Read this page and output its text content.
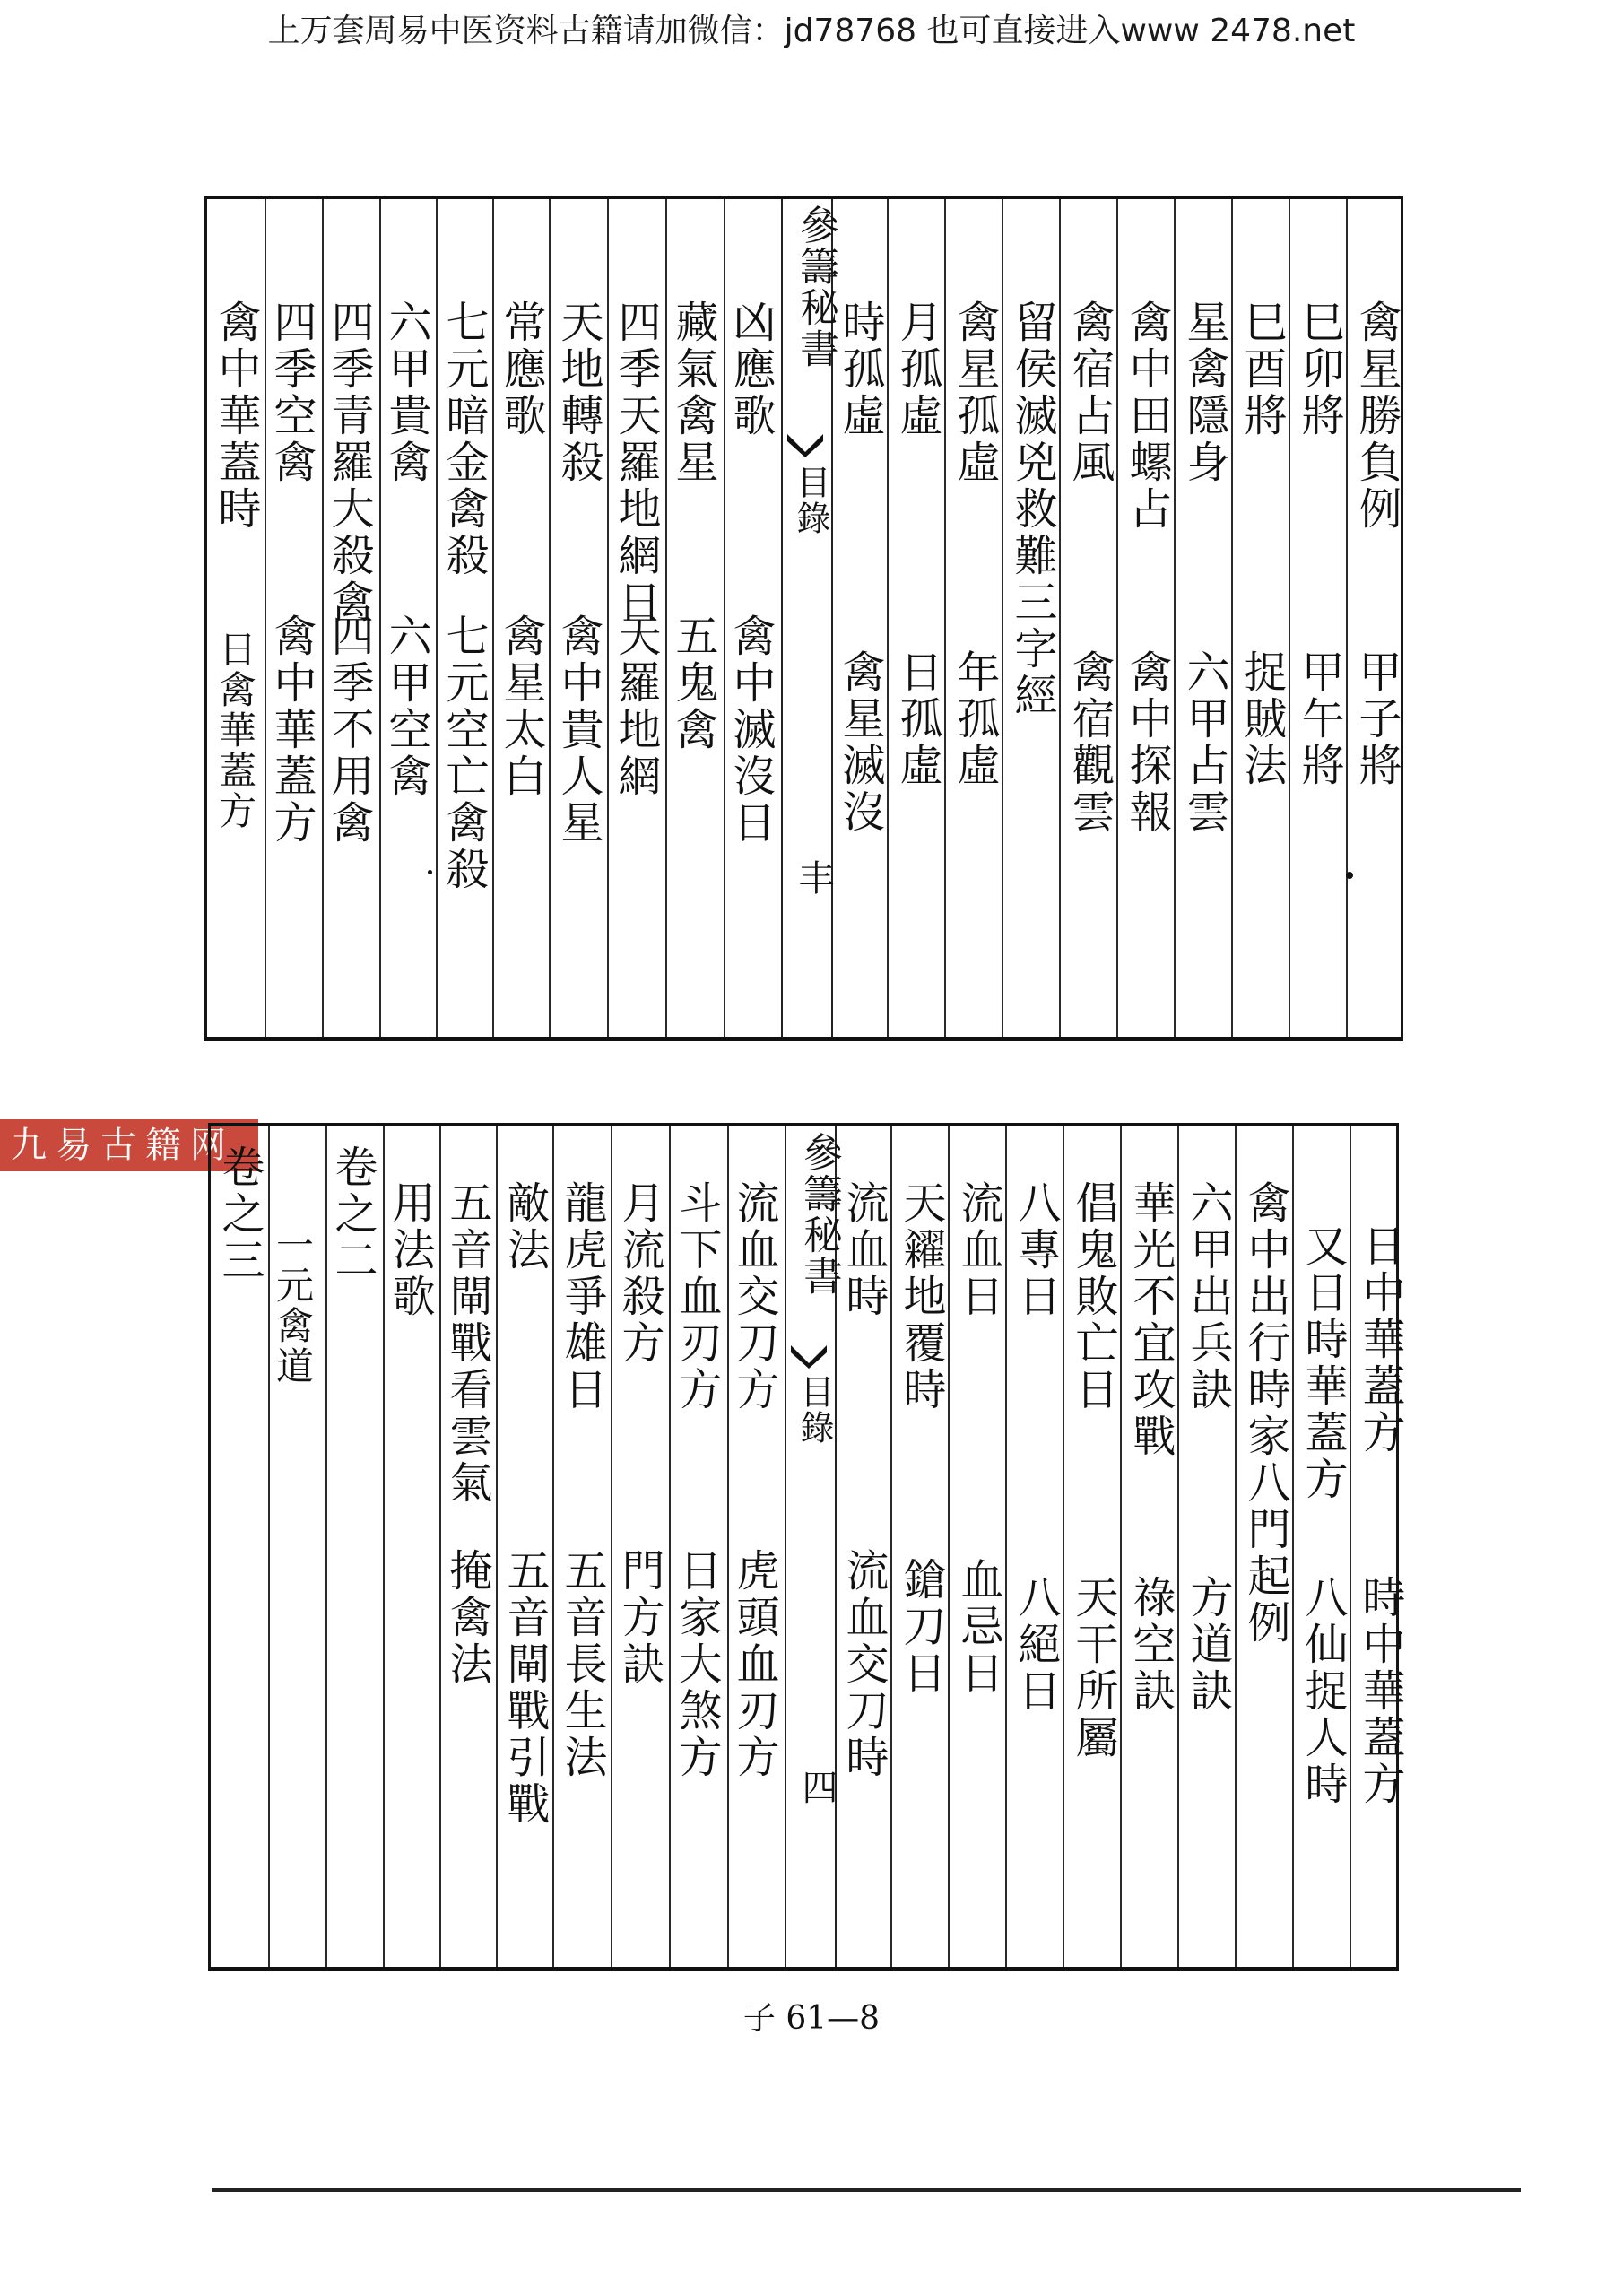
上万套周易中医资料古籍请加微信：jd78768 也可直接进入www 2478.net
參籌秘書
目錄
丰
禽星勝負例
甲子將
巳卯將
甲午將
巳酉將
捉賊法
星禽隱身
六甲占雲
禽中田螺占
禽中探報
禽宿占風
禽宿觀雲
留侯滅兇救難三字經
禽星孤虛
年孤虛
月孤虛
日孤虛
時孤虛
禽星滅沒
凶應歌
禽中滅沒日
藏氣禽星
五鬼禽
四季天羅地網日
天羅地網
天地轉殺
禽中貴人星
常應歌
禽星太白
七元暗金禽殺
七元空亡禽殺
六甲貴禽
六甲空禽
四季青羅大殺禽
四季不用禽
四季空禽
禽中華蓋方
禽中華蓋時
日禽華蓋方
九易古籍网	參籌秘書
目錄
四
日中華蓋方
時中華蓋方
又日時華蓋方
八仙捉人時
禽中出行時家八門起例
六甲出兵訣
方道訣
華光不宜攻戰
祿空訣
倡鬼敗亡日
天干所屬
八專日
八絕日
流血日
血忌日
天糴地覆時
鎗刀日
流血時
流血交刀時
流血交刀方
虎頭血刃方
斗下血刃方
日家大煞方
月流殺方
門方訣
龍虎爭雄日
五音長生法
敵法
五音閘戰引戰
五音閘戰看雲氣
掩禽法
用法歌
卷之二
一元禽道
卷之三
子 61—8
